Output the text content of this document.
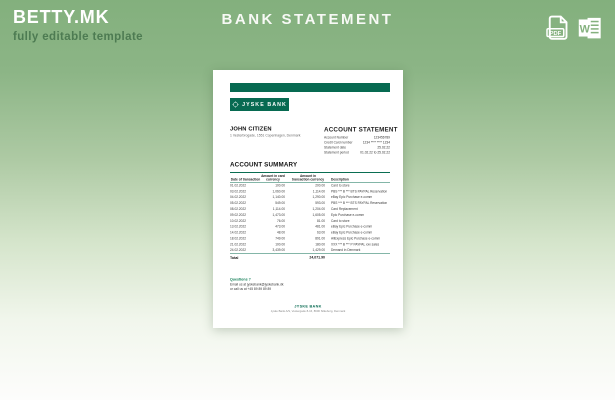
BETTY.MK
fully editable template
BANK STATEMENT
PDF W
JYSKE BANK
JOHN CITIZEN
1 Vesterbrogade, 1551 Copenhagen, Denmark
ACCOUNT STATEMENT
Account Number	123456789
Credit Card number 1234 **** **** 1234
Statement date	25.02.22
Statement period 01.02.22 to 25.02.22
ACCOUNT SUMMARY
Date of transaction	Amount in card currency	Amount in transaction currency	Description
01.02.2022	100.00	200.00	Card to store
03.02.2022	1,060.00	1,114.00	PBS *** B *** BTS PAYPAL Reservation
04.02.2022	1,140.00	1,290.00	eBay Epic Purchase e-comm
05.02.2022	549.00	593.00	PBS *** B *** BTS PAYPAL Reservation
08.02.2022	1,114.00	1,204.00	Card Replacement
09.02.2022	1,473.00	1,605.00	Epic Purchase e-comm
10.02.2022	76.00	81.00	Card to store
13.02.2022	473.00	481.00	eBay Epic Purchase e-comm
14.02.2022	48.00	63.00	eBay Epic Purchase e-comm
18.02.2022	749.00	891.00	AliExpress Epic Purchase e-comm
21.02.2022	100.00	180.00	XXX *** B *** P PAYPAL xxx sales
24.02.2022	3,439.00	1,429.00	Demand in Denmark
Total		24,071.90	
Questions ?
Email us at jyskebank@jyskebank.dk
or call us at +45 89 89 89 89
JYSKE BANK
Jyske Bank A/S, Vestergade 8-16, 8600 Silkeborg, Denmark
